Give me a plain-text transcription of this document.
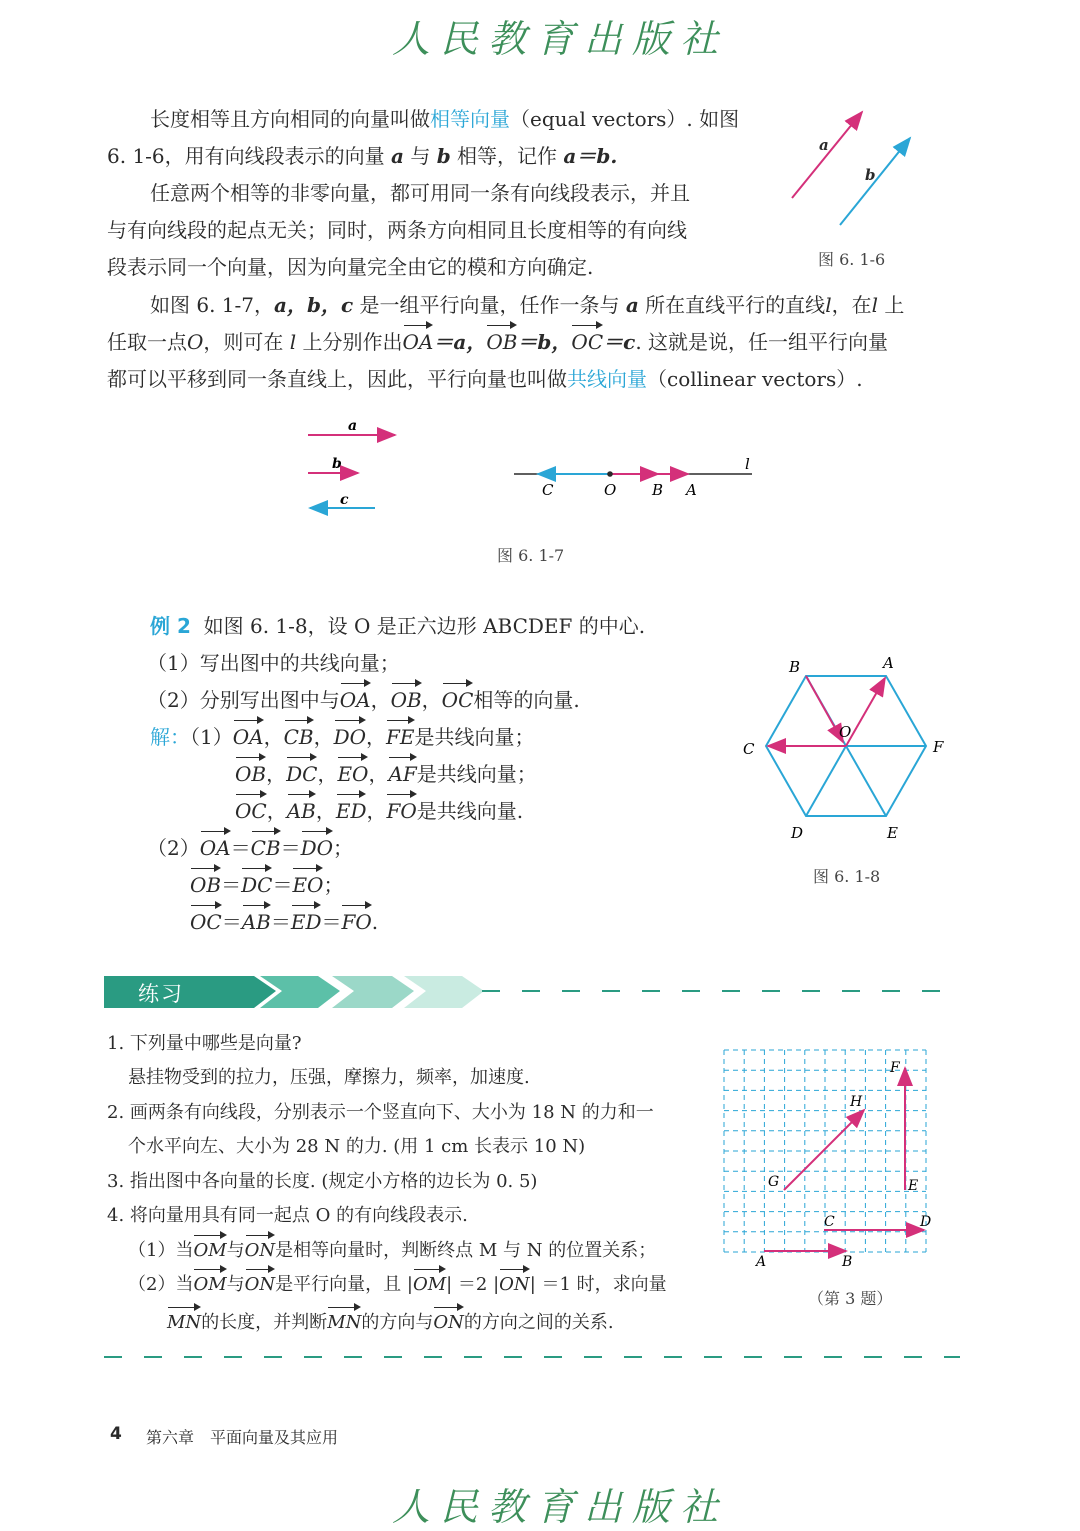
人民教育出版社
长度相等且方向相同的向量叫做相等向量（equal vectors）. 如图
6. 1-6，用有向线段表示的向量 a 与 b 相等，记作 a＝b.
任意两个相等的非零向量，都可用同一条有向线段表示，并且
与有向线段的起点无关；同时，两条方向相同且长度相等的有向线
段表示同一个向量，因为向量完全由它的模和方向确定.
a
b
图 6. 1-6
如图 6. 1-7，a，b，c 是一组平行向量，任作一条与 a 所在直线平行的直线l，在l 上
任取一点O，则可在 l 上分别作出OA＝a，OB＝b，OC＝c. 这就是说，任一组平行向量
都可以平移到同一条直线上，因此，平行向量也叫做共线向量（collinear vectors）.
a
b
c
C	O B A
l
图 6. 1-7
例 2 如图 6. 1-8，设 O 是正六边形 ABCDEF 的中心.
（1）写出图中的共线向量；
（2）分别写出图中与OA，OB，OC相等的向量.
解：（1）OA，CB，DO，FE是共线向量；
OB，DC，EO，AF是共线向量；
OC，AB，ED，FO是共线向量.
（2）OA＝CB＝DO；
OB＝DC＝EO；
OC＝AB＝ED＝FO.
B	A
C	F
O
D	E
图 6. 1-8
练习
1. 下列量中哪些是向量?
悬挂物受到的拉力，压强，摩擦力，频率，加速度.
2. 画两条有向线段，分别表示一个竖直向下、大小为 18 N 的力和一
个水平向左、大小为 28 N 的力. (用 1 cm 长表示 10 N)
3. 指出图中各向量的长度. (规定小方格的边长为 0. 5)
4. 将向量用具有同一起点 O 的有向线段表示.
（1）当OM与ON是相等向量时，判断终点 M 与 N 的位置关系；
（2）当OM与ON是平行向量，且 |OM| ＝2 |ON| ＝1 时，求向量
MN的长度，并判断MN的方向与ON的方向之间的关系.
A	B
C	D
E
F
G
H
（第 3 题）
4 第六章　平面向量及其应用
人民教育出版社
